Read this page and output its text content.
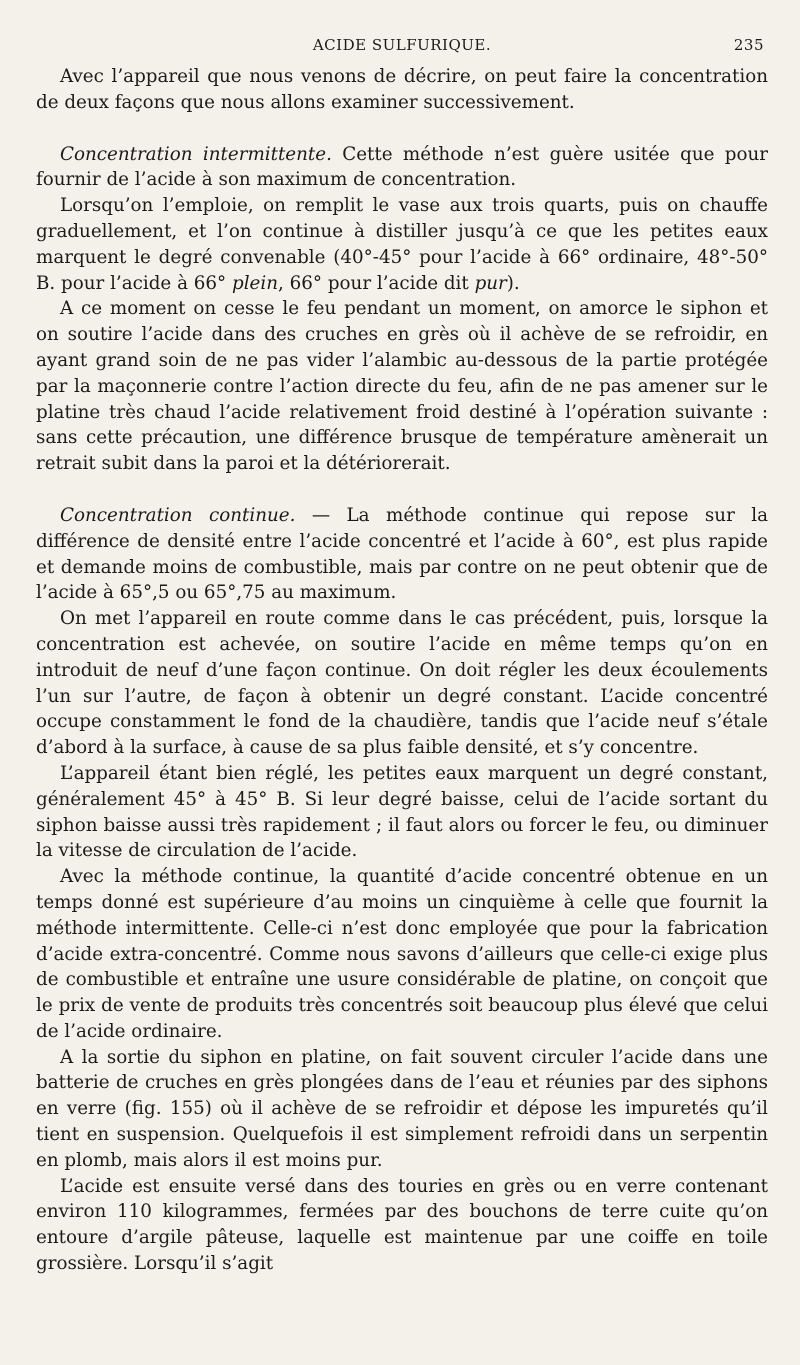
ACIDE SULFURIQUE.	235

Avec l’appareil que nous venons de décrire, on peut faire la concentration de deux façons que nous allons examiner successivement.

Concentration intermittente. Cette méthode n’est guère usitée que pour fournir de l’acide à son maximum de concentration.

Lorsqu’on l’emploie, on remplit le vase aux trois quarts, puis on chauffe graduellement, et l’on continue à distiller jusqu’à ce que les petites eaux marquent le degré convenable (40°-45° pour l’acide à 66° ordinaire, 48°-50° B. pour l’acide à 66° plein, 66° pour l’acide dit pur).

A ce moment on cesse le feu pendant un moment, on amorce le siphon et on soutire l’acide dans des cruches en grès où il achève de se refroidir, en ayant grand soin de ne pas vider l’alambic au-dessous de la partie protégée par la maçonnerie contre l’action directe du feu, afin de ne pas amener sur le platine très chaud l’acide relativement froid destiné à l’opération suivante : sans cette précaution, une différence brusque de température amènerait un retrait subit dans la paroi et la détériorerait.

Concentration continue. — La méthode continue qui repose sur la différence de densité entre l’acide concentré et l’acide à 60°, est plus rapide et demande moins de combustible, mais par contre on ne peut obtenir que de l’acide à 65°,5 ou 65°,75 au maximum.

On met l’appareil en route comme dans le cas précédent, puis, lorsque la concentration est achevée, on soutire l’acide en même temps qu’on en introduit de neuf d’une façon continue. On doit régler les deux écoulements l’un sur l’autre, de façon à obtenir un degré constant. L’acide concentré occupe constamment le fond de la chaudière, tandis que l’acide neuf s’étale d’abord à la surface, à cause de sa plus faible densité, et s’y concentre.

L’appareil étant bien réglé, les petites eaux marquent un degré constant, généralement 45° à 45° B. Si leur degré baisse, celui de l’acide sortant du siphon baisse aussi très rapidement ; il faut alors ou forcer le feu, ou diminuer la vitesse de circulation de l’acide.

Avec la méthode continue, la quantité d’acide concentré obtenue en un temps donné est supérieure d’au moins un cinquième à celle que fournit la méthode intermittente. Celle-ci n’est donc employée que pour la fabrication d’acide extra-concentré. Comme nous savons d’ailleurs que celle-ci exige plus de combustible et entraîne une usure considérable de platine, on conçoit que le prix de vente de produits très concentrés soit beaucoup plus élevé que celui de l’acide ordinaire.

A la sortie du siphon en platine, on fait souvent circuler l’acide dans une batterie de cruches en grès plongées dans de l’eau et réunies par des siphons en verre (fig. 155) où il achève de se refroidir et dépose les impuretés qu’il tient en suspension. Quelquefois il est simplement refroidi dans un serpentin en plomb, mais alors il est moins pur.

L’acide est ensuite versé dans des touries en grès ou en verre contenant environ 110 kilogrammes, fermées par des bouchons de terre cuite qu’on entoure d’argile pâteuse, laquelle est maintenue par une coiffe en toile grossière. Lorsqu’il s’agit
